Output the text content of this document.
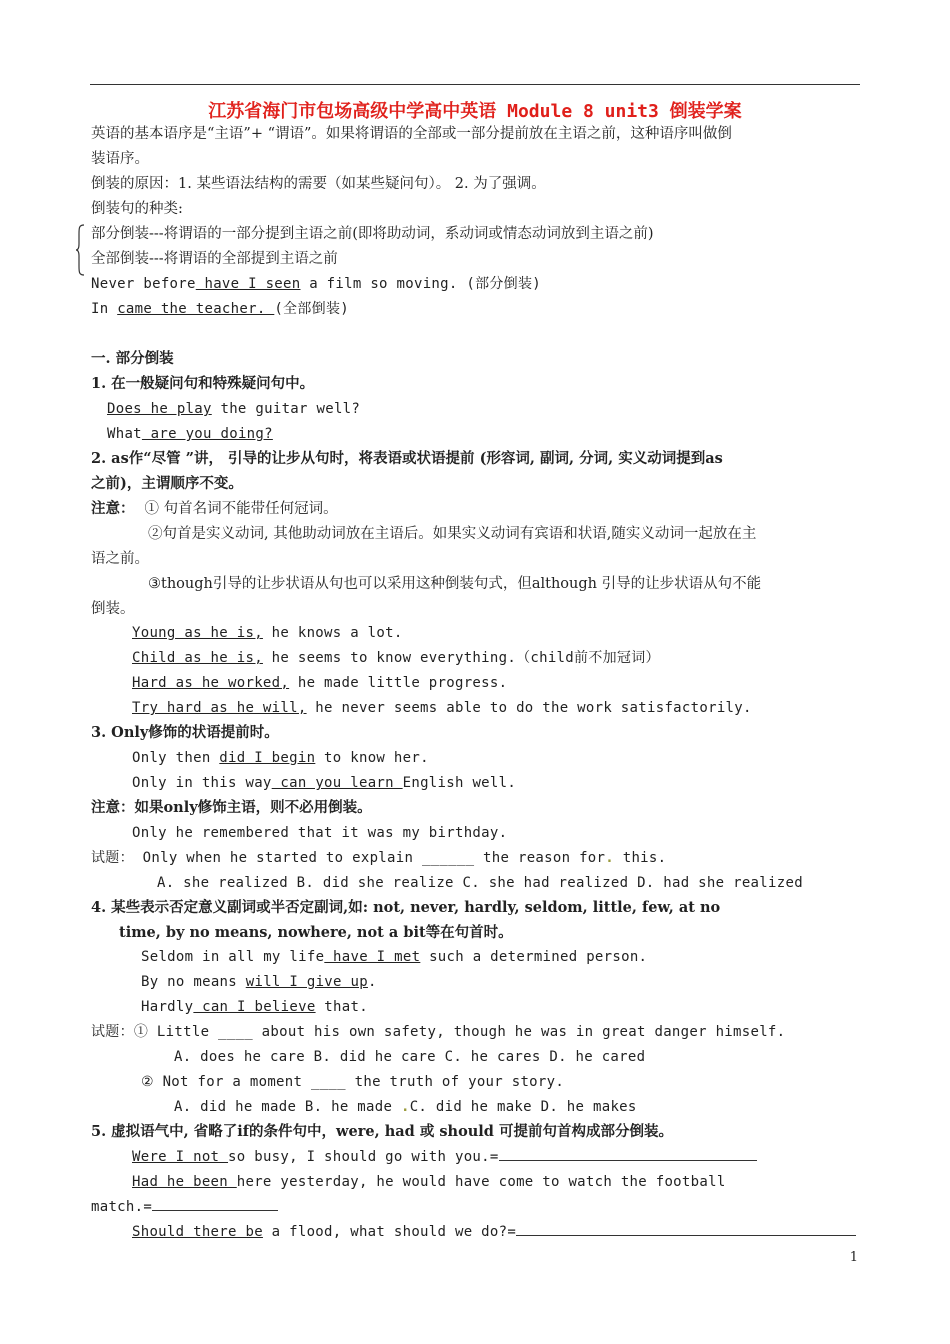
江苏省海门市包场高级中学高中英语 Module 8 unit3 倒装学案
英语的基本语序是“主语”+ “谓语”。如果将谓语的全部或一部分提前放在主语之前，这种语序叫做倒
装语序。
倒装的原因：1. 某些语法结构的需要（如某些疑问句）。 2. 为了强调。
倒装句的种类:
部分倒装---将谓语的一部分提到主语之前(即将助动词，系动词或情态动词放到主语之前)
全部倒装---将谓语的全部提到主语之前
Never before have I seen a film so moving. (部分倒装)
In came the teacher. (全部倒装)
一. 部分倒装
1. 在一般疑问句和特殊疑问句中。
Does he play the guitar well?
What are you doing?
2. as作“尽管 ”讲， 引导的让步从句时，将表语或状语提前 (形容词, 副词, 分词, 实义动词提到as
之前)，主谓顺序不变。
注意： ① 句首名词不能带任何冠词。
②句首是实义动词, 其他助动词放在主语后。如果实义动词有宾语和状语,随实义动词一起放在主
语之前。
③though引导的让步状语从句也可以采用这种倒装句式，但although 引导的让步状语从句不能
倒装。
Young as he is, he knows a lot.
Child as he is, he seems to know everything.（child前不加冠词）
Hard as he worked, he made little progress.
Try hard as he will, he never seems able to do the work satisfactorily.
3. Only修饰的状语提前时。
Only then did I begin to know her.
Only in this way can you learn English well.
注意：如果only修饰主语，则不必用倒装。
Only he remembered that it was my birthday.
试题： Only when he started to explain ______ the reason for. this.
A. she realized B. did she realize C. she had realized D. had she realized
4. 某些表示否定意义副词或半否定副词,如: not, never, hardly, seldom, little, few, at no
time, by no means, nowhere, not a bit等在句首时。
Seldom in all my life have I met such a determined person.
By no means will I give up.
Hardly can I believe that.
试题：① Little ____ about his own safety, though he was in great danger himself.
A. does he care B. did he care C. he cares D. he cared
② Not for a moment ____ the truth of your story.
A. did he made B. he made .C. did he make D. he makes
5. 虚拟语气中, 省略了if的条件句中，were, had 或 should 可提前句首构成部分倒装。
Were I not so busy, I should go with you.=
Had he been here yesterday, he would have come to watch the football
match.=
Should there be a flood, what should we do?=
1
